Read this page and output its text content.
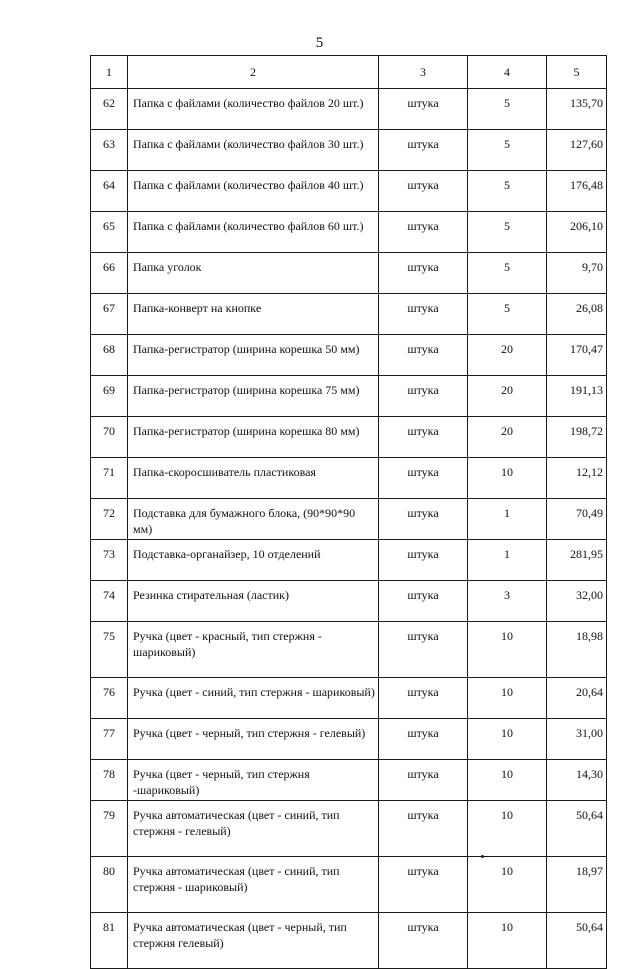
5
1	2	3	4	5
62	Папка с файлами (количество файлов 20 шт.)	штука	5	135,70
63	Папка с файлами (количество файлов 30 шт.)	штука	5	127,60
64	Папка с файлами (количество файлов 40 шт.)	штука	5	176,48
65	Папка с файлами (количество файлов 60 шт.)	штука	5	206,10
66	Папка уголок	штука	5	9,70
67	Папка-конверт на кнопке	штука	5	26,08
68	Папка-регистратор (ширина корешка 50 мм)	штука	20	170,47
69	Папка-регистратор (ширина корешка 75 мм)	штука	20	191,13
70	Папка-регистратор (ширина корешка 80 мм)	штука	20	198,72
71	Папка-скоросшиватель пластиковая	штука	10	12,12
72	Подставка для бумажного блока, (90*90*90 мм)	штука	1	70,49
73	Подставка-органайзер, 10 отделений	штука	1	281,95
74	Резинка стирательная (ластик)	штука	3	32,00
75	Ручка (цвет - красный, тип стержня - шариковый)	штука	10	18,98
76	Ручка (цвет - синий, тип стержня - шариковый)	штука	10	20,64
77	Ручка (цвет - черный, тип стержня - гелевый)	штука	10	31,00
78	Ручка (цвет - черный, тип стержня -шариковый)	штука	10	14,30
79	Ручка автоматическая (цвет - синий, тип стержня - гелевый)	штука	10	50,64
80	Ручка автоматическая (цвет - синий, тип стержня - шариковый)	штука	10	18,97
81	Ручка автоматическая (цвет - черный, тип стержня гелевый)	штука	10	50,64
